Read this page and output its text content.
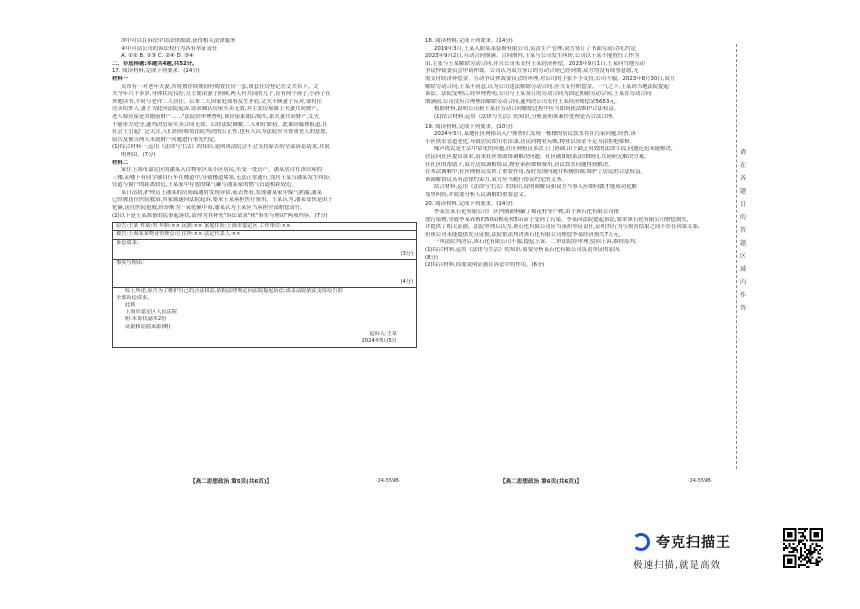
③甲可以在诉讼中请法律援助,获得相关法律服务
④甲可请公司的诉讼权行为各有举证责任
A. ①② B. ①③ C. ②④ D. ③④
二、非选择题:本题共4题,共52分。
17. 阅读材料,完成下列要求。(14分)
材料一
吴市有一对老年夫妻,其将独存续期间有购置住房一套,该套住房登记在丈夫名下。丈
夫今年六十多岁,身体状况良好,且主要由妻子照顾,两人有共同的儿子,育有两个孙子,小孙子在
外地读书,平时与老伴二人居住。后来二人因家庭琐事发生矛盾,丈夫不顾妻子反对,要将住
房卖给外人,妻子为此向法院起诉,请求确认房屋买卖无效,并主张房屋属于夫妻共同财产,
老人称房屋是其婚前财产……"法院经审理查明,该房屋系婚后购买,系夫妻共同财产,丈夫
不能单方处分,遂判决房屋买卖合同无效。后经法院调解,二人和好如初。此案经媒体报道,在
社会上引起广泛关注,人们纷纷称赞法院判决的公正性,也有人认为法院应当尊重老人的意愿,
原告及被告两人未就财产问题进行事先约定。
(1)综合材料一,运用《法律与生活》的知识,说明该法院会不会支持原告的全部诉讼请求,并说
明理由。(7分)
材料二
家住上海市嘉定区的潘某入住物业区某小区居民,买受一处房产。潘某居住在该房屋的
三楼,而楼下有同学铺自行车在楼道中,导致楼道堵塞,无法正常通行,邻居王某与潘某发生纠纷,
管道与窗户的距离较近,王某家中存放的煤气罐与潘某家的燃气管道相距较近。
某日清晨,护理员王潘某的房间疏通时发现异常,前去查看,发现潘某家中煤气泄漏,潘某
已经被送往医院救治,其家属遂向法院起诉,要求王某承担医疗费用。王某认为,潘某受伤是由于
化碳,送往医院抢救,经诊断为一氧化碳中毒,潘某认为王某应当承担全部赔偿责任。
(2)以下是王某准备的民事起诉状,请你为其补充"诉讼请求"和"事实与理由"两项内容。(7分)
原告:王某 性别:男 年龄:×× 民族:×× 家庭住址:上海市嘉定区 工作单位:××
被告:上海某某物业管理公司 住所:×× 法定代表人:××
诉讼请求:
(3分)
事实与理由:
(4分)
综上所述,原告为了维护自己的合法权益,依据法律规定向法院提起诉讼,请求法院依法支持原告的
全部诉讼请求。
此致
上海市嘉定区人民法院
附:本诉状副本2份
证据和证据来源(略)
起诉人:王某
2024年5月5日
【高二思想政治 第5页(共6页)】	·24-559B·
18. 阅读材料,完成下列要求。(14分)
2019年3月,王某入职某某装修有限公司,负责生产管理,双方签订了书面劳动合同,约定
2023年9月2日,劳动合同期满。合同期内,王某与公司发生纠纷,公司以王某不能胜任工作为
由,主张与王某解除劳动合同,并且公司未支付王某经济补偿。2023年9月1日,王某向当地劳动
争议仲裁委员会申请仲裁。公司认为双方签订的劳动合同已经到期,双方均没有续签意愿,无
需支付经济补偿金。劳动争议仲裁委员会经审理,对公司的主张不予支持,公司不服。2023年8月30日,双方
解除劳动合同,王某不同意,认为公司违法解除劳动合同,应当支付赔偿金。一气之下,王某到当地法院提起
诉讼。法院受理后,经审理查明,公司与王某签订的劳动合同为固定期限劳动合同,王某在劳动合同
期满前,公司没有合理理由解除劳动合同,遂判决公司支付王某经济赔偿金5653元。
根据材料,说明公司和王某在劳动合同解除过程中应当如何依法维护合法权益。
(1)结合材料,运用《法律与生活》的知识,分析说明该案件处理是否合法合理。
19. 阅读材料,完成下列要求。(10分)
2024年5月,某地社区网格员入户排查时,发现一栋楼的居民饮水存在污染问题,经查,该
小区供水管道老化,导致居民饮用水浑浊,居民向物业反映,物业以资金不足为由拒绝维修。
噪声扰民是生活中常见的问题,社区网格员多次上门协调,由于缺乏有效的法律手段,问题迟迟未能解决,
居民向社区提出诉求,请求社区帮助协调解决问题。社区随即联系法律顾问,共同研究解决方案,
在社区的帮助下,双方达成调解协议,物业承担维修费用,居民饮水问题得到解决。
在本次调解中,社区网格员发挥了重要作用,及时发现问题并积极协调,维护了居民的合法权益。
该调解协议具有法律约束力,双方应当履行协议约定的义务。
结合材料,运用《法律与生活》的知识,说明调解员和双方当事人应如何做才能成功化解
邻里纠纷,并简要分析人民调解的重要意义。
20. 阅读材料,完成下列要求。(14分)
李某在某石化有限公司厂区内倒卸料罐了棉花籽等产物,由于该石化有限公司排
放污染物,导致李某养殖的50亩棉花和5亩苗子受到了污染。李某向法院提起诉讼,要求该石化有限公司赔偿损失,
并提供了相关证据。法院审理后认为,该石化有限公司应当承担举证责任,证明其行为与损害结果之间不存在因果关系,
但该公司未能提供充分证据,法院依法判决该石化有限公司赔偿李某经济损失7万元。
一审法院判决后,该石化有限公司不服,提起上诉。二审法院经审理,驳回上诉,维持原判。
(1)综合材料,运用《法律与生活》的知识,简要分析某石化有限公司负责举证的原因。
(8分)
(2)综合材料,简要说明证据在诉讼中的作用。(6分)
【高二思想政治 第6页(共6页)】	·24-559B·
请
在
各
题
目
的
答
题
区
域
内
作
答
夸克扫描王
极速扫描,就是高效
